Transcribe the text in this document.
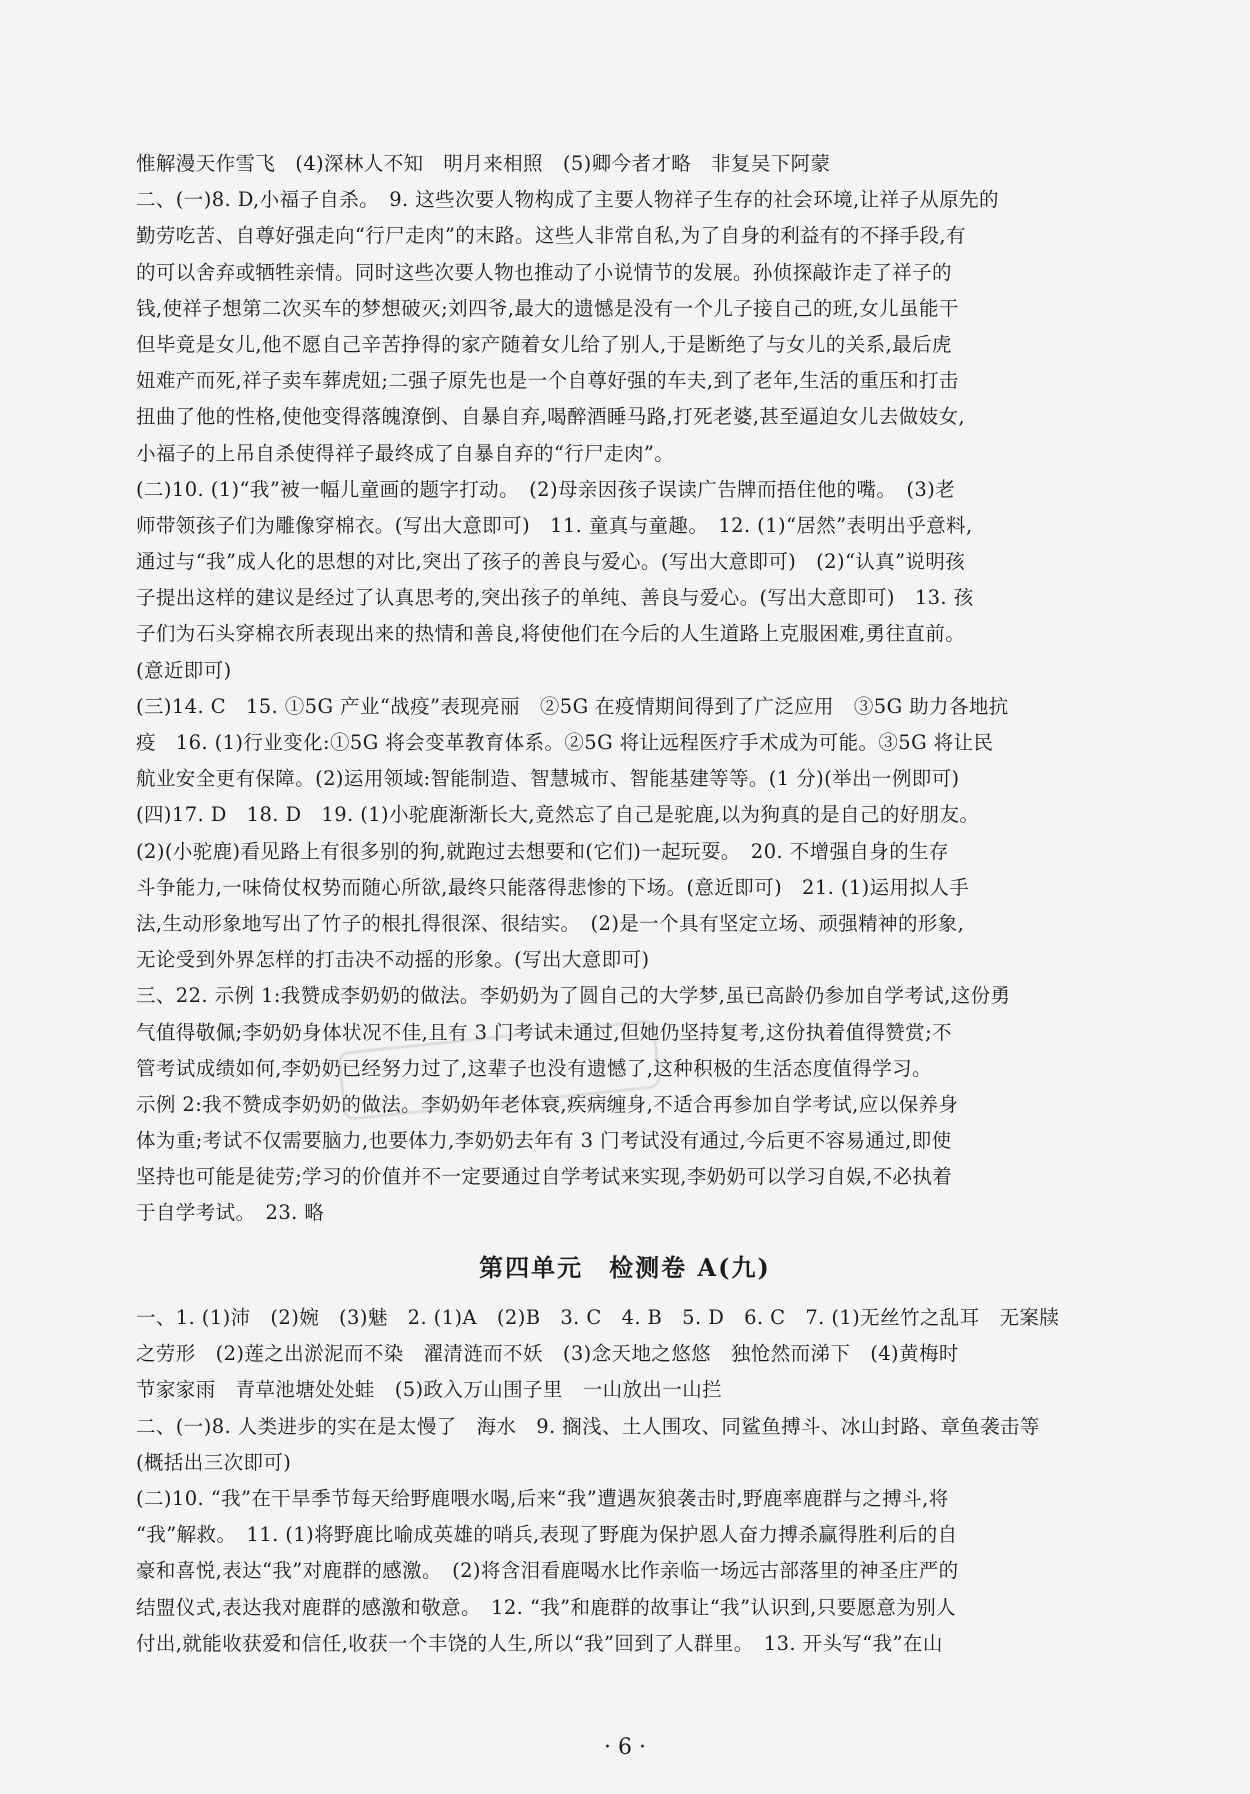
惟解漫天作雪飞　(4)深林人不知　明月来相照　(5)卿今者才略　非复吴下阿蒙
二、(一)8. D,小福子自杀。　9. 这些次要人物构成了主要人物祥子生存的社会环境,让祥子从原先的
勤劳吃苦、自尊好强走向“行尸走肉”的末路。这些人非常自私,为了自身的利益有的不择手段,有
的可以舍弃或牺牲亲情。同时这些次要人物也推动了小说情节的发展。孙侦探敲诈走了祥子的
钱,使祥子想第二次买车的梦想破灭;刘四爷,最大的遗憾是没有一个儿子接自己的班,女儿虽能干
但毕竟是女儿,他不愿自己辛苦挣得的家产随着女儿给了别人,于是断绝了与女儿的关系,最后虎
妞难产而死,祥子卖车葬虎妞;二强子原先也是一个自尊好强的车夫,到了老年,生活的重压和打击
扭曲了他的性格,使他变得落魄潦倒、自暴自弃,喝醉酒睡马路,打死老婆,甚至逼迫女儿去做妓女,
小福子的上吊自杀使得祥子最终成了自暴自弃的“行尸走肉”。
(二)10. (1)“我”被一幅儿童画的题字打动。　(2)母亲因孩子误读广告牌而捂住他的嘴。　(3)老
师带领孩子们为雕像穿棉衣。(写出大意即可)　11. 童真与童趣。　12. (1)“居然”表明出乎意料,
通过与“我”成人化的思想的对比,突出了孩子的善良与爱心。(写出大意即可)　(2)“认真”说明孩
子提出这样的建议是经过了认真思考的,突出孩子的单纯、善良与爱心。(写出大意即可)　13. 孩
子们为石头穿棉衣所表现出来的热情和善良,将使他们在今后的人生道路上克服困难,勇往直前。
(意近即可)
(三)14. C　15. ①5G 产业“战疫”表现亮丽　②5G 在疫情期间得到了广泛应用　③5G 助力各地抗
疫　16. (1)行业变化:①5G 将会变革教育体系。②5G 将让远程医疗手术成为可能。③5G 将让民
航业安全更有保障。(2)运用领域:智能制造、智慧城市、智能基建等等。(1 分)(举出一例即可)
(四)17. D　18. D　19. (1)小驼鹿渐渐长大,竟然忘了自己是驼鹿,以为狗真的是自己的好朋友。
(2)(小驼鹿)看见路上有很多别的狗,就跑过去想要和(它们)一起玩耍。　20. 不增强自身的生存
斗争能力,一味倚仗权势而随心所欲,最终只能落得悲惨的下场。(意近即可)　21. (1)运用拟人手
法,生动形象地写出了竹子的根扎得很深、很结实。　(2)是一个具有坚定立场、顽强精神的形象,
无论受到外界怎样的打击决不动摇的形象。(写出大意即可)
三、22. 示例 1:我赞成李奶奶的做法。李奶奶为了圆自己的大学梦,虽已高龄仍参加自学考试,这份勇
气值得敬佩;李奶奶身体状况不佳,且有 3 门考试未通过,但她仍坚持复考,这份执着值得赞赏;不
管考试成绩如何,李奶奶已经努力过了,这辈子也没有遗憾了,这种积极的生活态度值得学习。
示例 2:我不赞成李奶奶的做法。李奶奶年老体衰,疾病缠身,不适合再参加自学考试,应以保养身
体为重;考试不仅需要脑力,也要体力,李奶奶去年有 3 门考试没有通过,今后更不容易通过,即使
坚持也可能是徒劳;学习的价值并不一定要通过自学考试来实现,李奶奶可以学习自娱,不必执着
于自学考试。　23. 略
第四单元　检测卷 A(九)
一、1. (1)沛　(2)婉　(3)魅　2. (1)A　(2)B　3. C　4. B　5. D　6. C　7. (1)无丝竹之乱耳　无案牍
之劳形　(2)莲之出淤泥而不染　濯清涟而不妖　(3)念天地之悠悠　独怆然而涕下　(4)黄梅时
节家家雨　青草池塘处处蛙　(5)政入万山围子里　一山放出一山拦
二、(一)8. 人类进步的实在是太慢了　海水　9. 搁浅、土人围攻、同鲨鱼搏斗、冰山封路、章鱼袭击等
(概括出三次即可)
(二)10. “我”在干旱季节每天给野鹿喂水喝,后来“我”遭遇灰狼袭击时,野鹿率鹿群与之搏斗,将
“我”解救。　11. (1)将野鹿比喻成英雄的哨兵,表现了野鹿为保护恩人奋力搏杀赢得胜利后的自
豪和喜悦,表达“我”对鹿群的感激。　(2)将含泪看鹿喝水比作亲临一场远古部落里的神圣庄严的
结盟仪式,表达我对鹿群的感激和敬意。　12. “我”和鹿群的故事让“我”认识到,只要愿意为别人
付出,就能收获爱和信任,收获一个丰饶的人生,所以“我”回到了人群里。　13. 开头写“我”在山
· 6 ·
